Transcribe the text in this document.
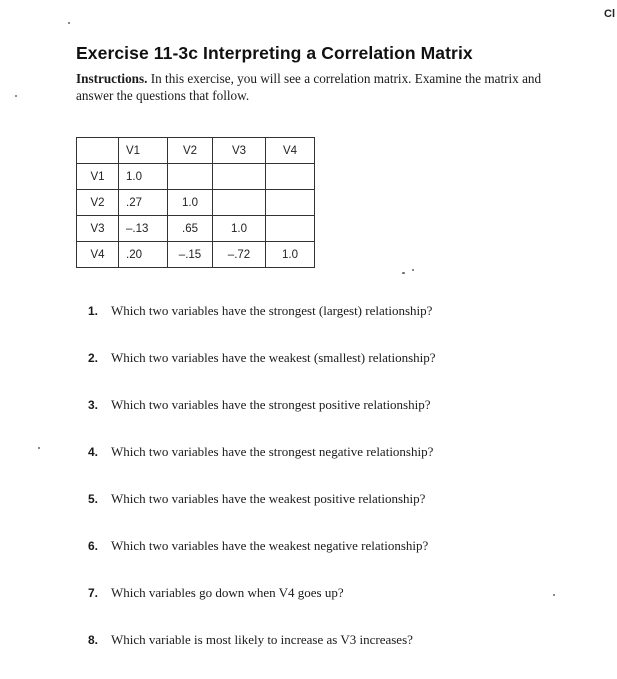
Cl
Exercise 11-3c Interpreting a Correlation Matrix
Instructions. In this exercise, you will see a correlation matrix. Examine the matrix and answer the questions that follow.
	V1	V2	V3	V4
V1	1.0			
V2	.27	1.0		
V3	–.13	.65	1.0	
V4	.20	–.15	–.72	1.0
1. Which two variables have the strongest (largest) relationship?
2. Which two variables have the weakest (smallest) relationship?
3. Which two variables have the strongest positive relationship?
4. Which two variables have the strongest negative relationship?
5. Which two variables have the weakest positive relationship?
6. Which two variables have the weakest negative relationship?
7. Which variables go down when V4 goes up?
8. Which variable is most likely to increase as V3 increases?
